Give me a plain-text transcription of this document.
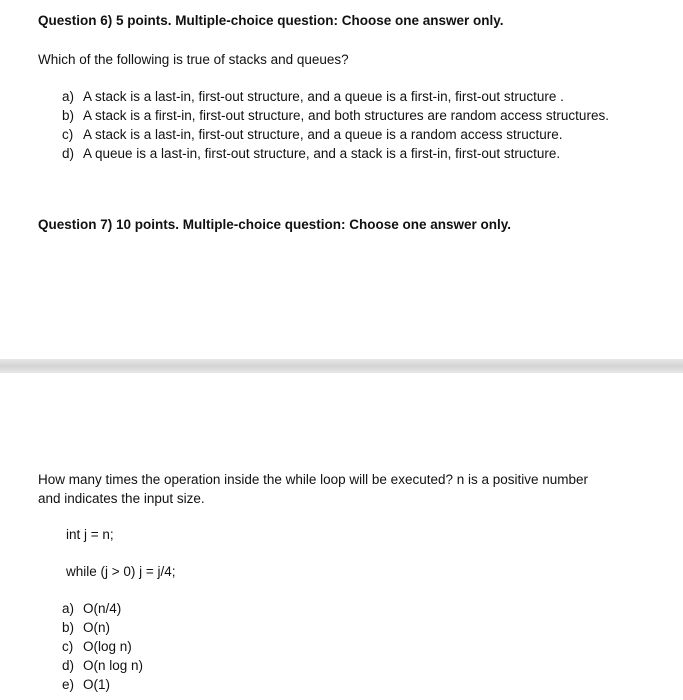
Question 6) 5 points. Multiple-choice question: Choose one answer only.
Which of the following is true of stacks and queues?
a) A stack is a last-in, first-out structure, and a queue is a first-in, first-out structure .
b) A stack is a first-in, first-out structure, and both structures are random access structures.
c) A stack is a last-in, first-out structure, and a queue is a random access structure.
d) A queue is a last-in, first-out structure, and a stack is a first-in, first-out structure.
Question 7) 10 points. Multiple-choice question: Choose one answer only.
How many times the operation inside the while loop will be executed? n is a positive number
and indicates the input size.
int j = n;
while (j > 0) j = j/4;
a) O(n/4)
b) O(n)
c) O(log n)
d) O(n log n)
e) O(1)
